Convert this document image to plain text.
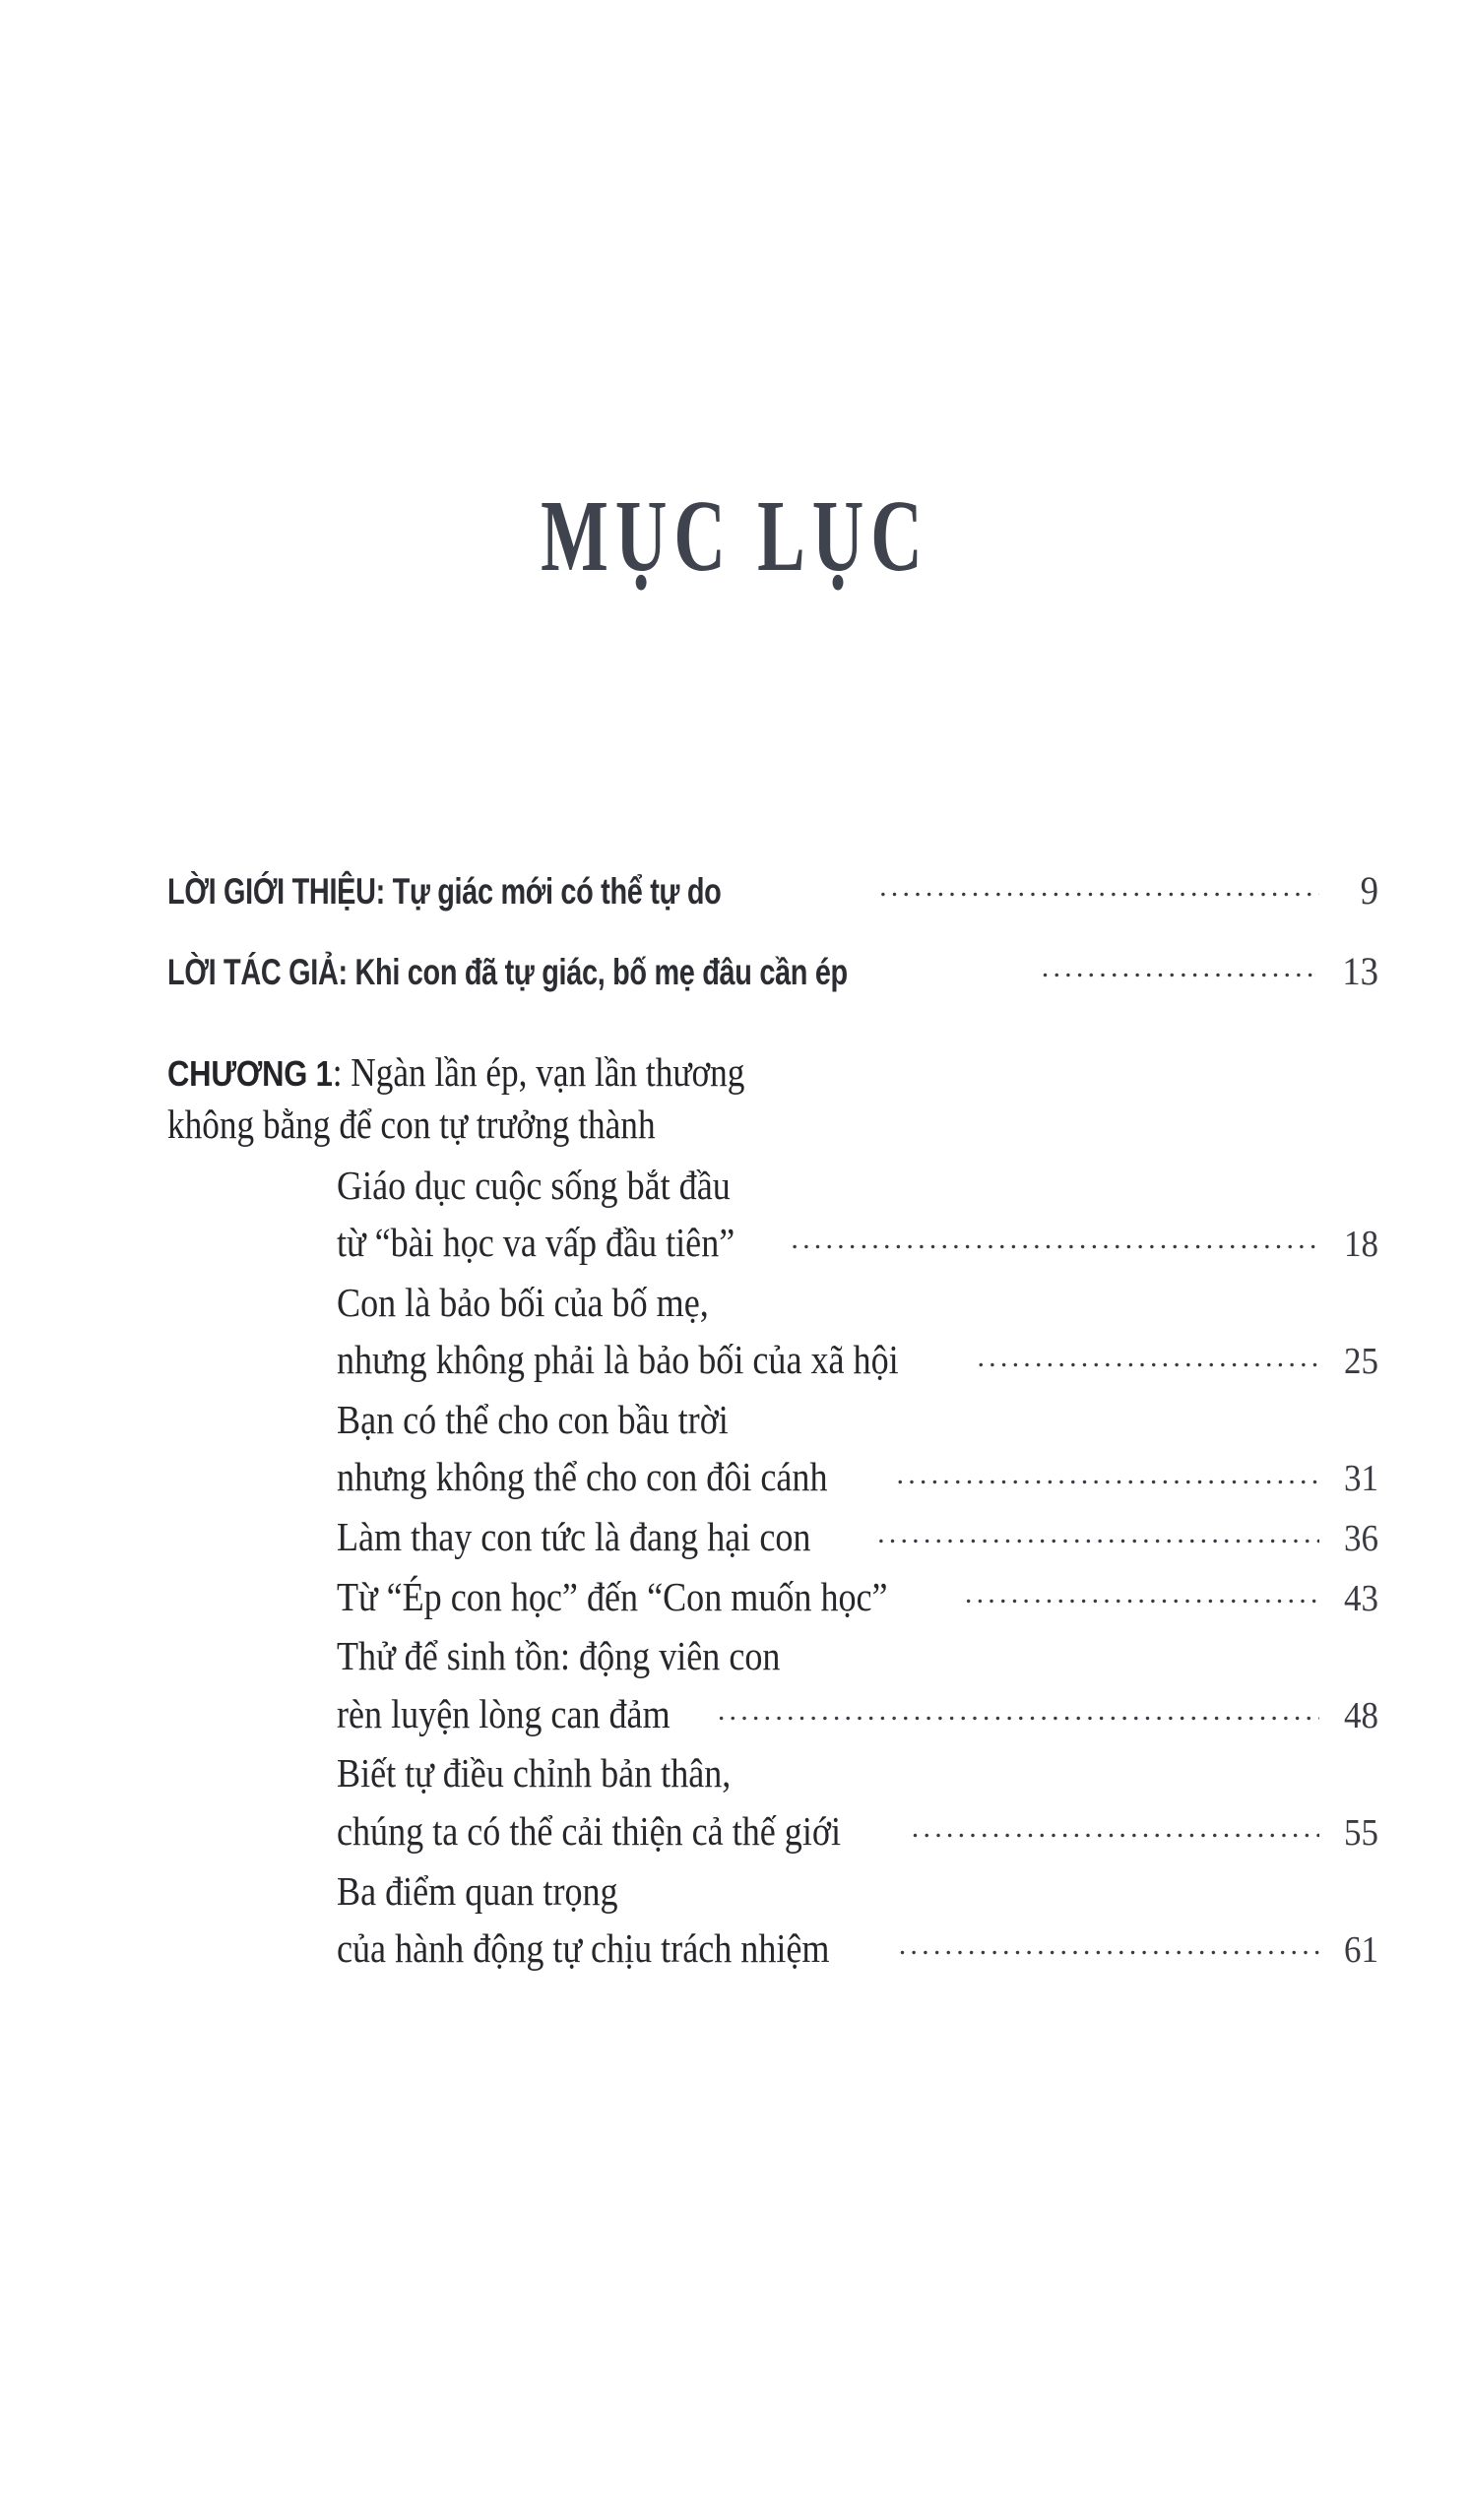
MỤC LỤC
LỜI GIỚI THIỆU: Tự giác mới có thể tự do .....	9
LỜI TÁC GIẢ: Khi con đã tự giác, bố mẹ đâu cần ép .....	13
CHƯƠNG 1: Ngàn lần ép, vạn lần thương
không bằng để con tự trưởng thành
Giáo dục cuộc sống bắt đầu
từ “bài học va vấp đầu tiên” .....	18
Con là bảo bối của bố mẹ,
nhưng không phải là bảo bối của xã hội .....	25
Bạn có thể cho con bầu trời
nhưng không thể cho con đôi cánh .....	31
Làm thay con tức là đang hại con .....	36
Từ “Ép con học” đến “Con muốn học” .....	43
Thử để sinh tồn: động viên con
rèn luyện lòng can đảm .....	48
Biết tự điều chỉnh bản thân,
chúng ta có thể cải thiện cả thế giới .....	55
Ba điểm quan trọng
của hành động tự chịu trách nhiệm .....	61
